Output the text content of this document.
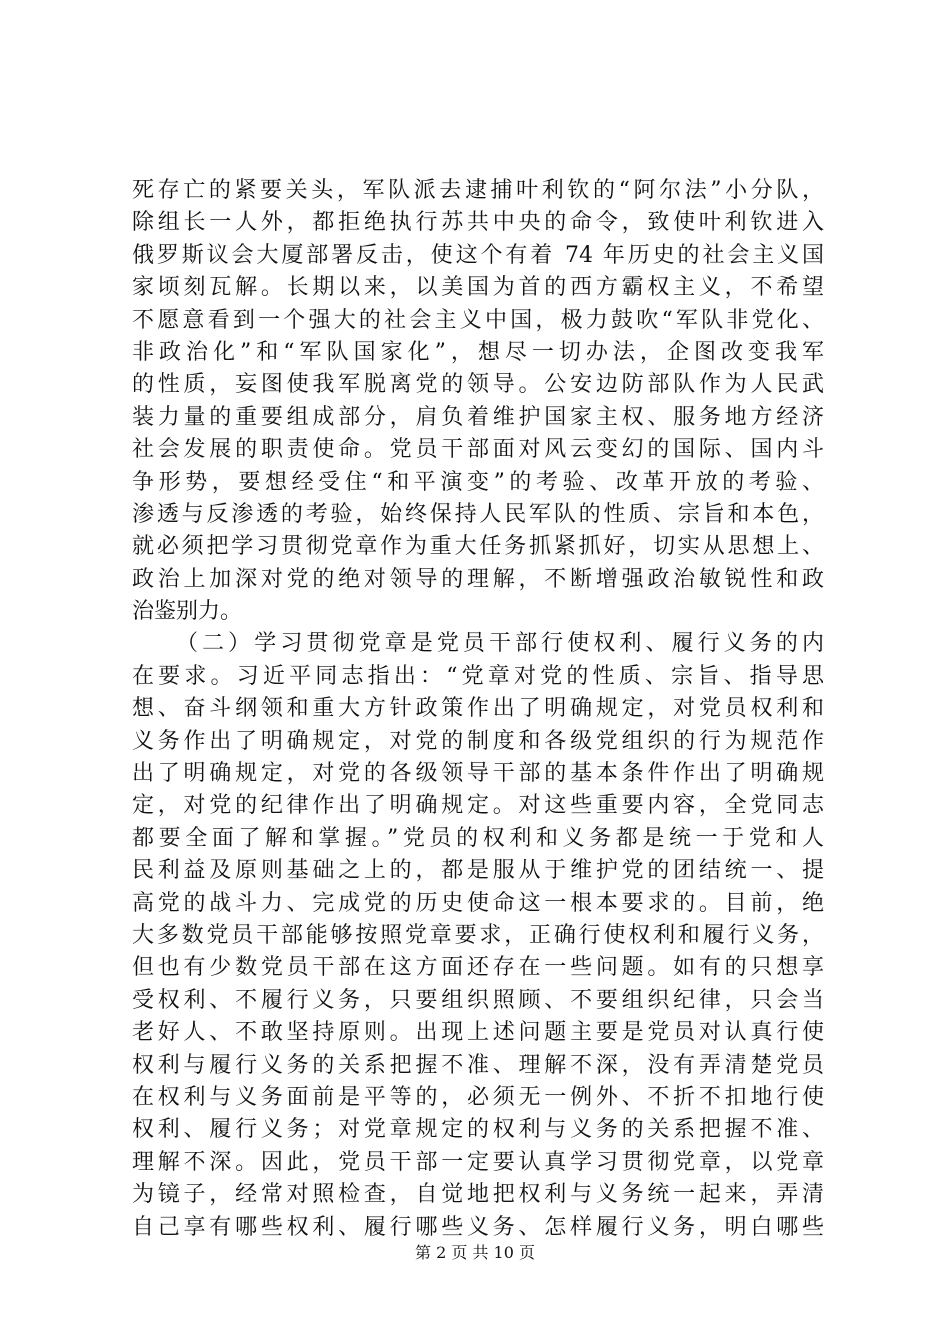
死存亡的紧要关头，军队派去逮捕叶利钦的“阿尔法”小分队，
除组长一人外，都拒绝执行苏共中央的命令，致使叶利钦进入
俄罗斯议会大厦部署反击，使这个有着 74 年历史的社会主义国
家顷刻瓦解。长期以来，以美国为首的西方霸权主义，不希望
不愿意看到一个强大的社会主义中国，极力鼓吹“军队非党化、
非政治化”和“军队国家化”，想尽一切办法，企图改变我军
的性质，妄图使我军脱离党的领导。公安边防部队作为人民武
装力量的重要组成部分，肩负着维护国家主权、服务地方经济
社会发展的职责使命。党员干部面对风云变幻的国际、国内斗
争形势，要想经受住“和平演变”的考验、改革开放的考验、
渗透与反渗透的考验，始终保持人民军队的性质、宗旨和本色，
就必须把学习贯彻党章作为重大任务抓紧抓好，切实从思想上、
政治上加深对党的绝对领导的理解，不断增强政治敏锐性和政
治鉴别力。
（二）学习贯彻党章是党员干部行使权利、履行义务的内
在要求。习近平同志指出：“党章对党的性质、宗旨、指导思
想、奋斗纲领和重大方针政策作出了明确规定，对党员权利和
义务作出了明确规定，对党的制度和各级党组织的行为规范作
出了明确规定，对党的各级领导干部的基本条件作出了明确规
定，对党的纪律作出了明确规定。对这些重要内容，全党同志
都要全面了解和掌握。”党员的权利和义务都是统一于党和人
民利益及原则基础之上的，都是服从于维护党的团结统一、提
高党的战斗力、完成党的历史使命这一根本要求的。目前，绝
大多数党员干部能够按照党章要求，正确行使权利和履行义务，
但也有少数党员干部在这方面还存在一些问题。如有的只想享
受权利、不履行义务，只要组织照顾、不要组织纪律，只会当
老好人、不敢坚持原则。出现上述问题主要是党员对认真行使
权利与履行义务的关系把握不准、理解不深，没有弄清楚党员
在权利与义务面前是平等的，必须无一例外、不折不扣地行使
权利、履行义务；对党章规定的权利与义务的关系把握不准、
理解不深。因此，党员干部一定要认真学习贯彻党章，以党章
为镜子，经常对照检查，自觉地把权利与义务统一起来，弄清
自己享有哪些权利、履行哪些义务、怎样履行义务，明白哪些
第 2 页 共 10 页
